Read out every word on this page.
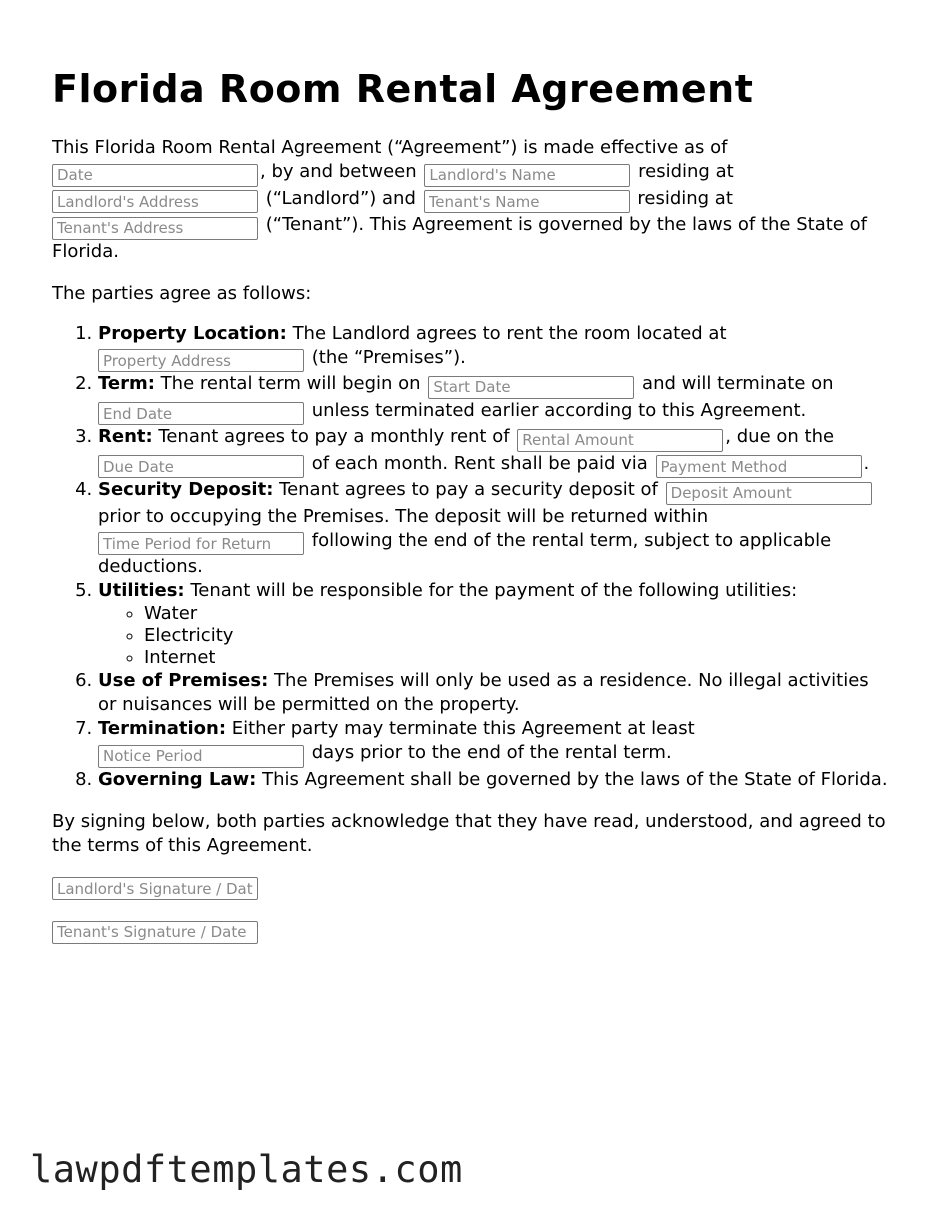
Florida Room Rental Agreement

This Florida Room Rental Agreement (“Agreement”) is made effective as of
Date, by and between Landlord's Name	residing at
Landlord's Address (“Landlord”) and Tenant's Name	residing at
Tenant's Address (“Tenant”). This Agreement is governed by the laws of the State of Florida.

The parties agree as follows:

1. Property Location: The Landlord agrees to rent the room located at
Property Address (the “Premises”).
2. Term: The rental term will begin on Start Date	and will terminate on
End Date unless terminated earlier according to this Agreement.
3. Rent: Tenant agrees to pay a monthly rent of Rental Amount	, due on the
Due Date of each month. Rent shall be paid via Payment Method	.
4. Security Deposit: Tenant agrees to pay a security deposit of Deposit Amount
prior to occupying the Premises. The deposit will be returned within
Time Period for Return following the end of the rental term, subject to applicable deductions.
5. Utilities: Tenant will be responsible for the payment of the following utilities:
◦ Water
◦ Electricity
◦ Internet
6. Use of Premises: The Premises will only be used as a residence. No illegal activities or nuisances will be permitted on the property.
7. Termination: Either party may terminate this Agreement at least
Notice Period days prior to the end of the rental term.
8. Governing Law: This Agreement shall be governed by the laws of the State of Florida.

By signing below, both parties acknowledge that they have read, understood, and agreed to the terms of this Agreement.

Landlord's Signature / Date
Tenant's Signature / Date
lawpdftemplates.com
